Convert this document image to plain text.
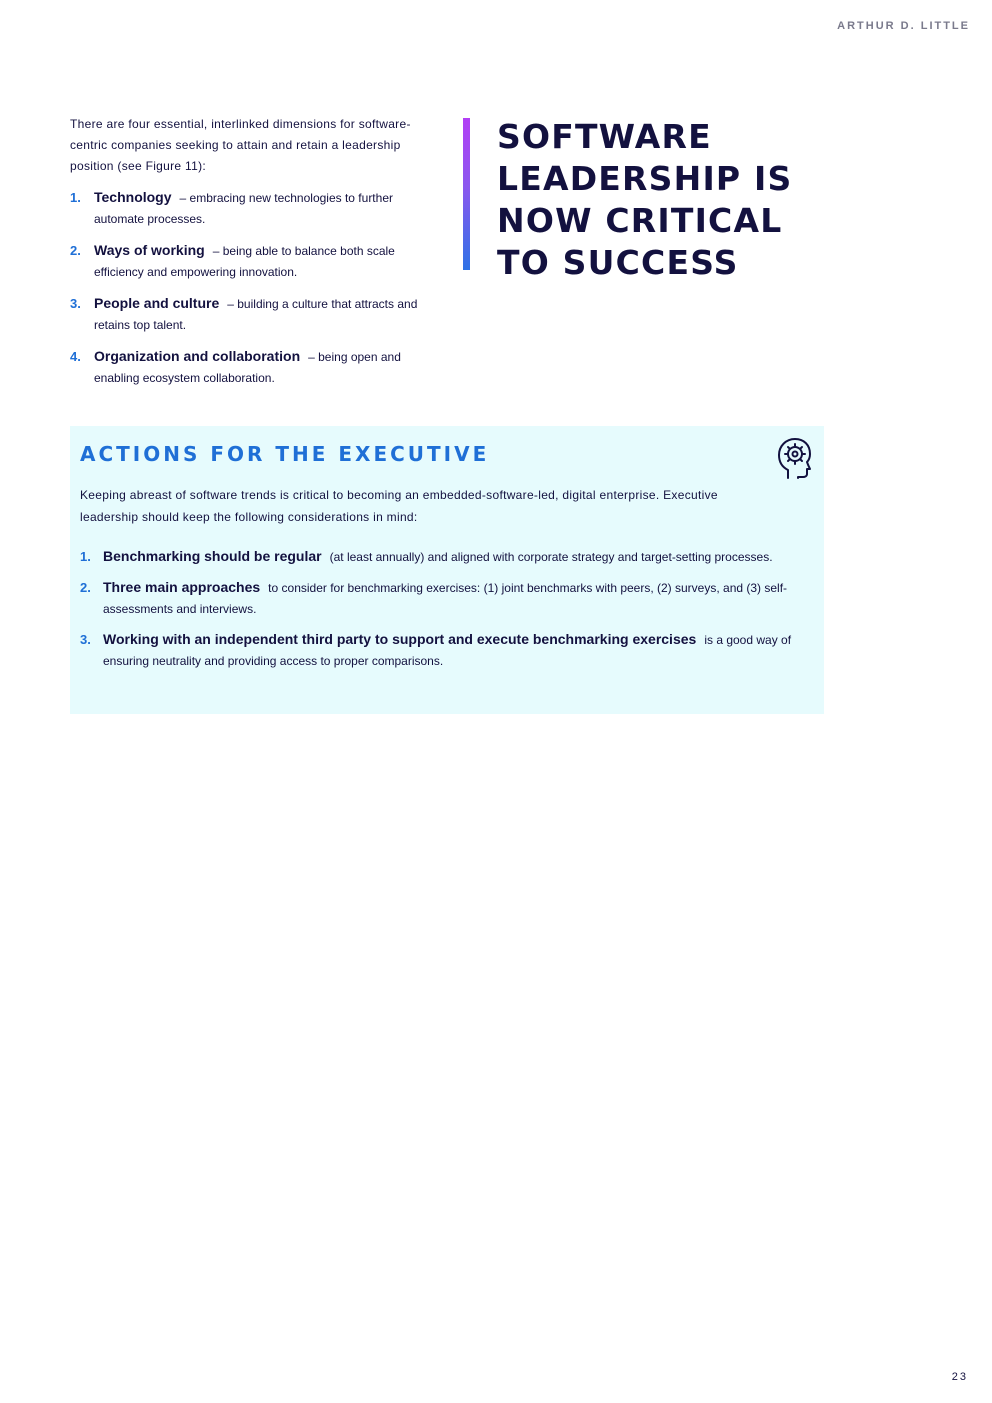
ARTHUR D. LITTLE

There are four essential, interlinked dimensions for software-centric companies seeking to attain and retain a leadership position (see Figure 11):

1. Technology – embracing new technologies to further automate processes.
2. Ways of working – being able to balance both scale efficiency and empowering innovation.
3. People and culture – building a culture that attracts and retains top talent.
4. Organization and collaboration – being open and enabling ecosystem collaboration.
SOFTWARE LEADERSHIP IS NOW CRITICAL TO SUCCESS
ACTIONS FOR THE EXECUTIVE

Keeping abreast of software trends is critical to becoming an embedded-software-led, digital enterprise. Executive leadership should keep the following considerations in mind:

1. Benchmarking should be regular (at least annually) and aligned with corporate strategy and target-setting processes.
2. Three main approaches to consider for benchmarking exercises: (1) joint benchmarks with peers, (2) surveys, and (3) self-assessments and interviews.
3. Working with an independent third party to support and execute benchmarking exercises is a good way of ensuring neutrality and providing access to proper comparisons.
23
